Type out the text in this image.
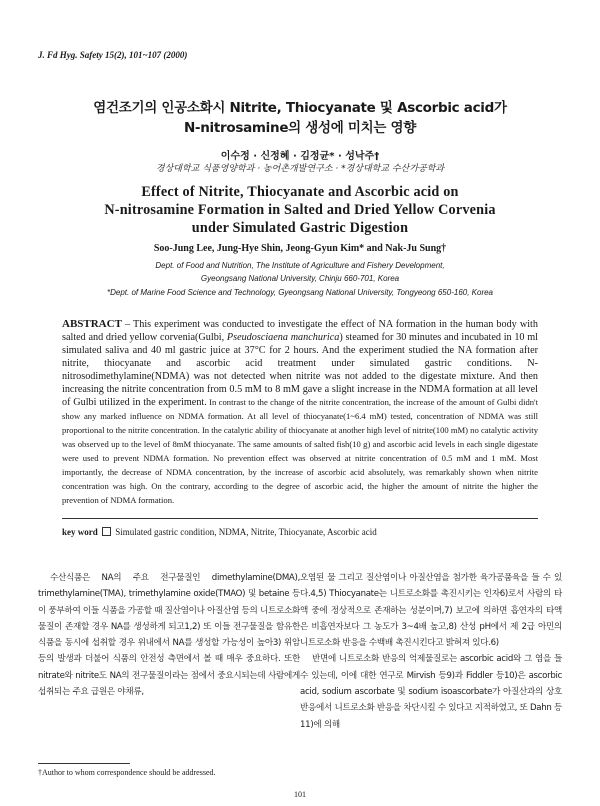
J. Fd Hyg. Safety 15(2), 101~107 (2000)
염건조기의 인공소화시 Nitrite, Thiocyanate 및 Ascorbic acid가
N-nitrosamine의 생성에 미치는 영향
이수정 · 신정혜 · 김정균* · 성낙주†
경상대학교 식품영양학과 · 농어촌개발연구소 · *경상대학교 수산가공학과
Effect of Nitrite, Thiocyanate and Ascorbic acid on
N-nitrosamine Formation in Salted and Dried Yellow Corvenia
under Simulated Gastric Digestion
Soo-Jung Lee, Jung-Hye Shin, Jeong-Gyun Kim* and Nak-Ju Sung†
Dept. of Food and Nutrition, The Institute of Agriculture and Fishery Development,
Gyeongsang National University, Chinju 660-701, Korea
*Dept. of Marine Food Science and Technology, Gyeongsang National University, Tongyeong 650-160, Korea
ABSTRACT – This experiment was conducted to investigate the effect of NA formation in the human body with salted and dried yellow corvenia(Gulbi, Pseudosciaena manchurica) steamed for 30 minutes and incubated in 10 ml simulated saliva and 40 ml gastric juice at 37°C for 2 hours. And the experiment studied the NA formation after nitrite, thiocyanate and ascorbic acid treatment under simulated gastric conditions. N-nitrosodimethylamine(NDMA) was not detected when nitrite was not added to the digestate mixture. And then increasing the nitrite concentration from 0.5 mM to 8 mM gave a slight increase in the NDMA formation at all level of Gulbi utilized in the experiment. In contrast to the change of the nitrite concentration, the increase of the amount of Gulbi didn't show any marked influence on NDMA formation. At all level of thiocyanate(1~6.4 mM) tested, concentration of NDMA was still proportional to the nitrite concentration. In the catalytic ability of thiocyanate at another high level of nitrite(100 mM) no catalytic activity was observed up to the level of 8mM thiocyanate. The same amounts of salted fish(10 g) and ascorbic acid levels in each single digestate were used to prevent NDMA formation. No prevention effect was observed at nitrite concentration of 0.5 mM and 1 mM. Most importantly, the decrease of NDMA concentration, by the increase of ascorbic acid absolutely, was remarkably shown when nitrite concentration was high. On the contrary, according to the degree of ascorbic acid, the higher the amount of nitrite the higher the prevention of NDMA formation.
key word Simulated gastric condition, NDMA, Nitrite, Thiocyanate, Ascorbic acid

수산식품은 NA의 주요 전구물질인 dimethylamine(DMA), trimethylamine(TMA), trimethylamine oxide(TMAO) 및 betaine 등이 풍부하여 이들 식품을 가공할 때 질산염이나 아질산염 등의 니트로소화 물질이 존재할 경우 NA를 생성하게 되고1,2) 또 이들 전구물질을 함유한 식품을 동시에 섭취할 경우 위내에서 NA를 생성할 가능성이 높아3) 위암 등의 발생과 더불어 식품의 안전성 측면에서 볼 때 매우 중요하다. 또한 nitrate와 nitrite도 NA의 전구물질이라는 점에서 중요시되는데 사람에게 섭취되는 주요 급원은 야채류,

오염된 물 그리고 질산염이나 아질산염을 첨가한 육가공품육을 들 수 있다.4,5) Thiocyanate는 니트로소화를 촉진시키는 인자6)로서 사람의 타액 중에 정상적으로 존재하는 성분이며,7) 보고에 의하면 흡연자의 타액은 비흡연자보다 그 농도가 3~4배 높고,8) 산성 pH에서 제 2급 아민의 니트로소화 반응을 수백배 촉진시킨다고 밝혀져 있다.6)

반면에 니트로소화 반응의 억제물질로는 ascorbic acid와 그 염을 들 수 있는데, 이에 대한 연구로 Mirvish 등9)과 Fiddler 등10)은 ascorbic acid, sodium ascorbate 및 sodium isoascorbate가 아질산과의 상호반응에서 니트로소화 반응을 차단시킬 수 있다고 지적하였고, 또 Dahn 등11)에 의해

†Author to whom correspondence should be addressed.
101
